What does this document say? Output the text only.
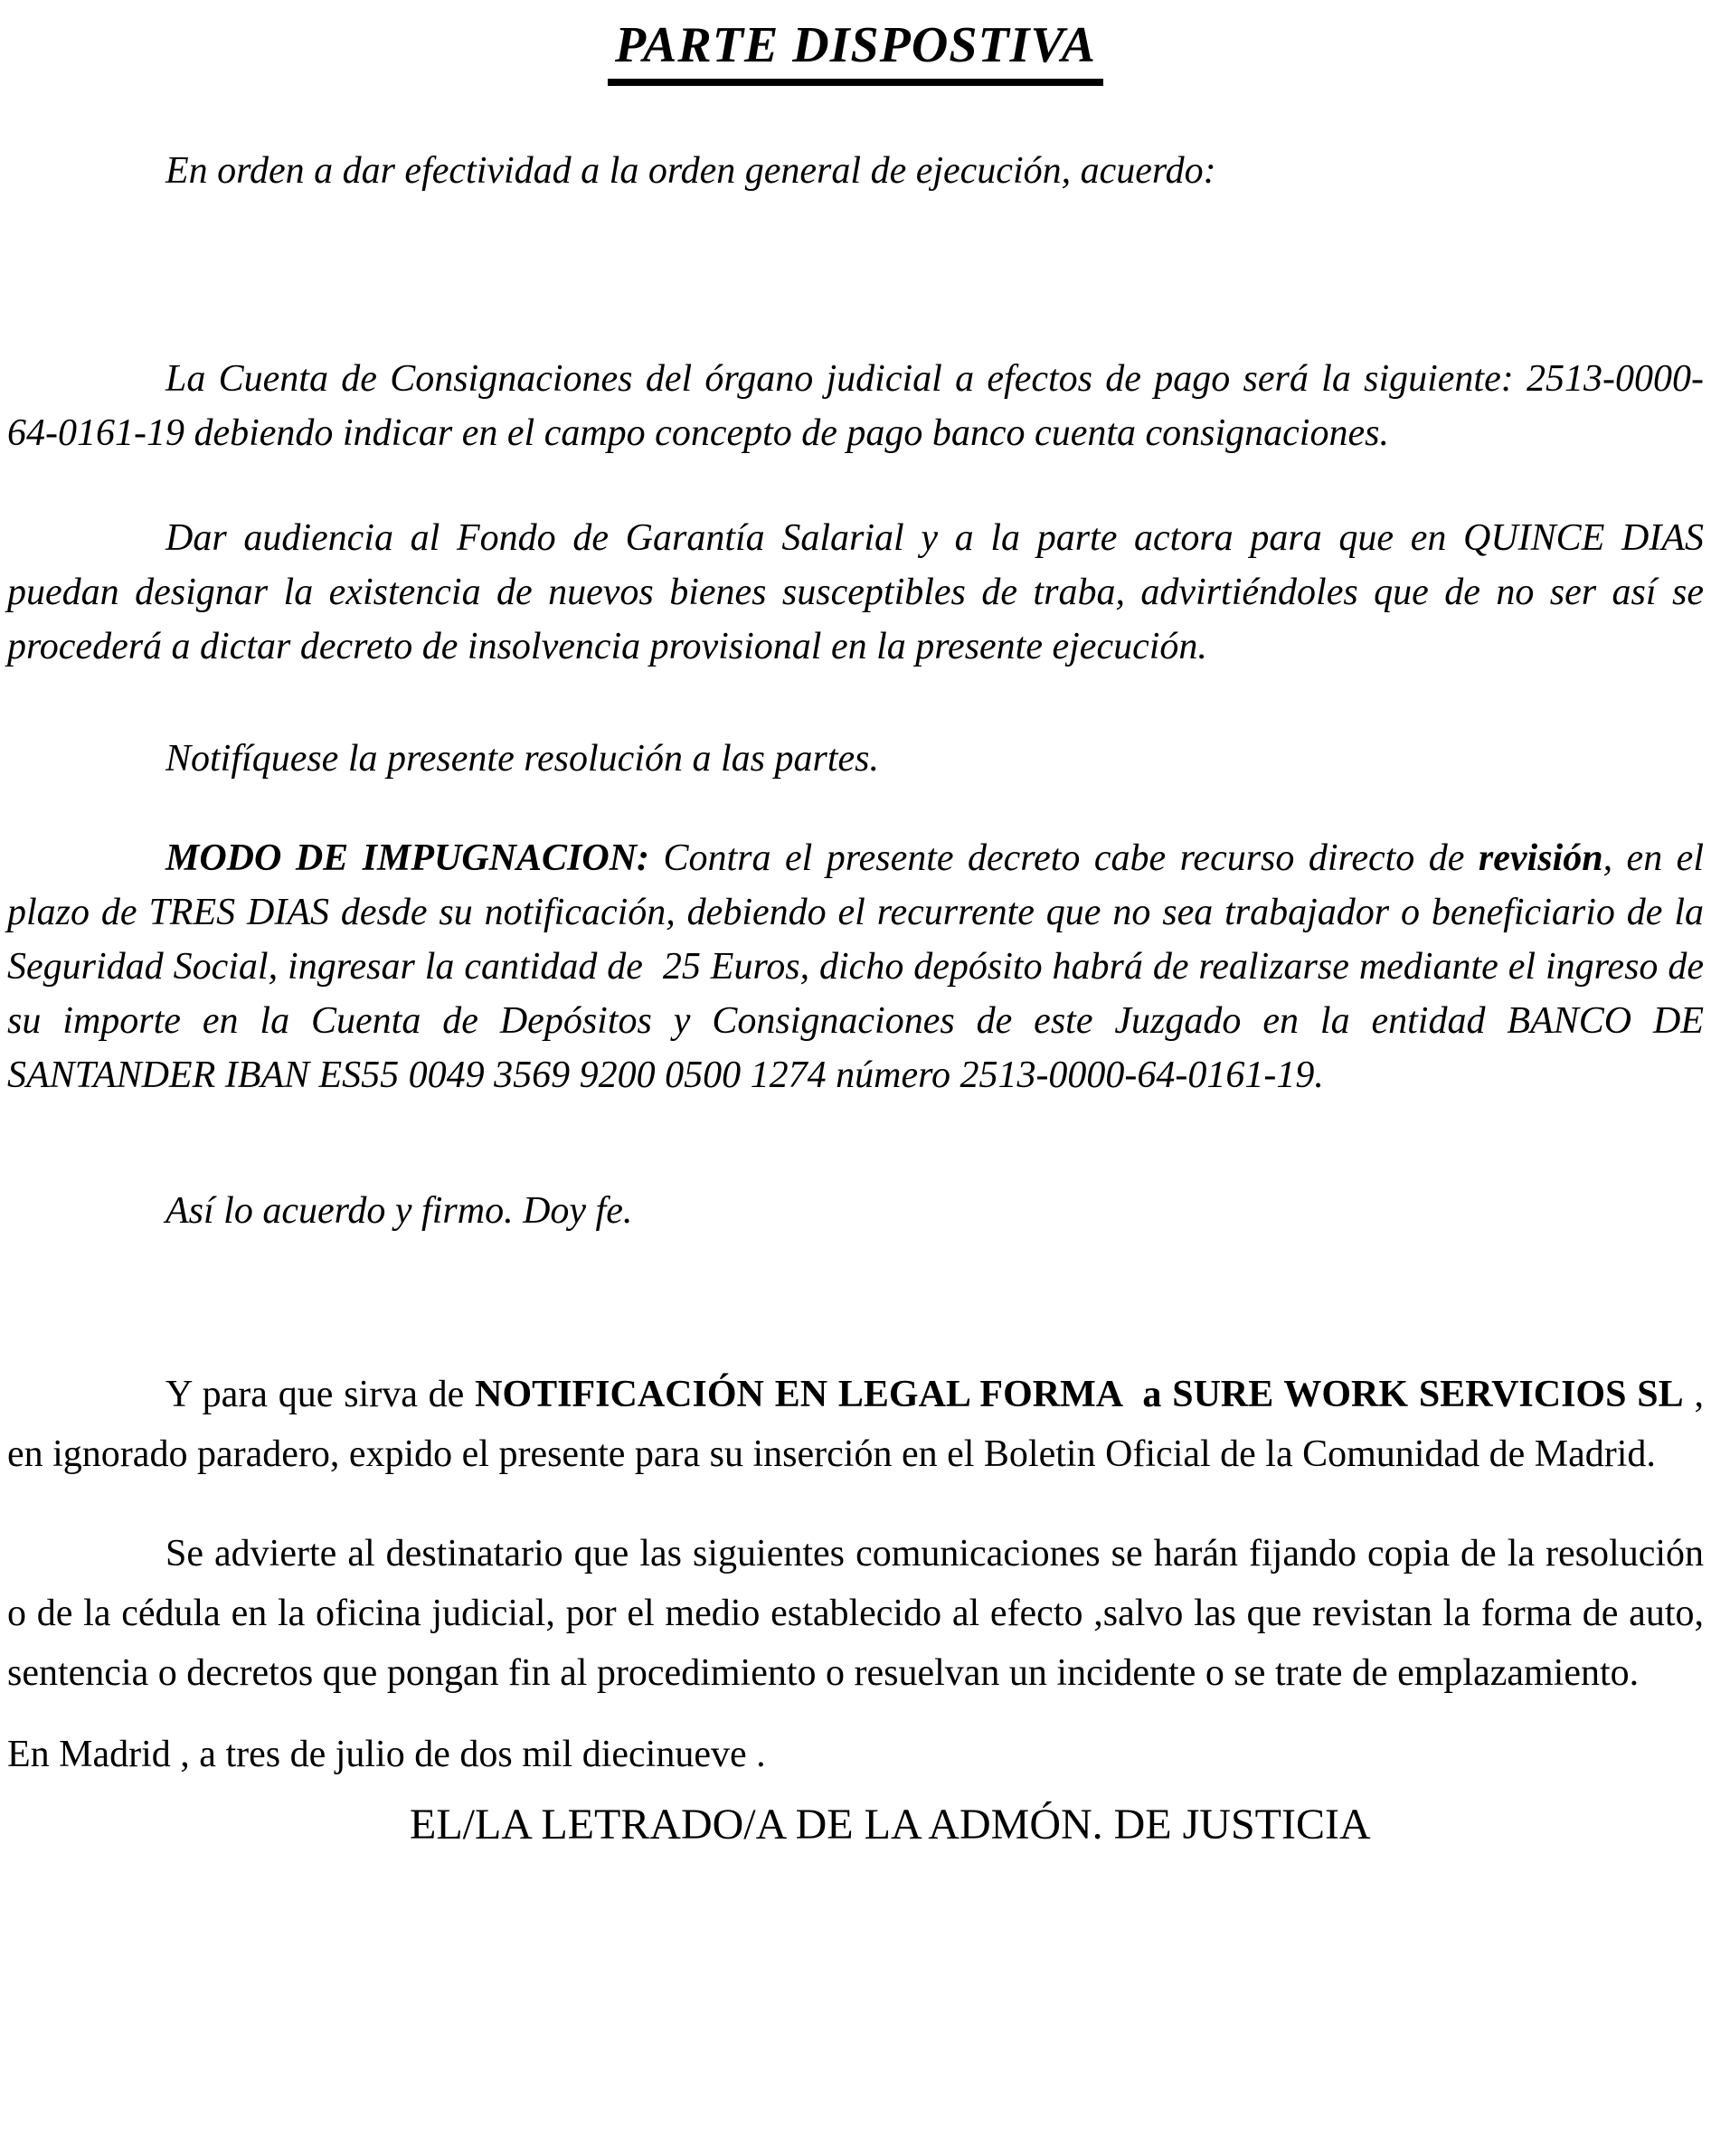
PARTE DISPOSTIVA

En orden a dar efectividad a la orden general de ejecución, acuerdo:

La Cuenta de Consignaciones del órgano judicial a efectos de pago será la siguiente: 2513-0000-64-0161-19 debiendo indicar en el campo concepto de pago banco cuenta consignaciones.

Dar audiencia al Fondo de Garantía Salarial y a la parte actora para que en QUINCE DIAS puedan designar la existencia de nuevos bienes susceptibles de traba, advirtiéndoles que de no ser así se procederá a dictar decreto de insolvencia provisional en la presente ejecución.

Notifíquese la presente resolución a las partes.

MODO DE IMPUGNACION: Contra el presente decreto cabe recurso directo de revisión, en el plazo de TRES DIAS desde su notificación, debiendo el recurrente que no sea trabajador o beneficiario de la Seguridad Social, ingresar la cantidad de  25 Euros, dicho depósito habrá de realizarse mediante el ingreso de su importe en la Cuenta de Depósitos y Consignaciones de este Juzgado en la entidad BANCO DE SANTANDER IBAN ES55 0049 3569 9200 0500 1274 número 2513-0000-64-0161-19.

Así lo acuerdo y firmo. Doy fe.

Y para que sirva de NOTIFICACIÓN EN LEGAL FORMA  a SURE WORK SERVICIOS SL , en ignorado paradero, expido el presente para su inserción en el Boletin Oficial de la Comunidad de Madrid.

Se advierte al destinatario que las siguientes comunicaciones se harán fijando copia de la resolución o de la cédula en la oficina judicial, por el medio establecido al efecto ,salvo las que revistan la forma de auto, sentencia o decretos que pongan fin al procedimiento o resuelvan un incidente o se trate de emplazamiento.

En Madrid , a tres de julio de dos mil diecinueve .

EL/LA LETRADO/A DE LA ADMÓN. DE JUSTICIA
